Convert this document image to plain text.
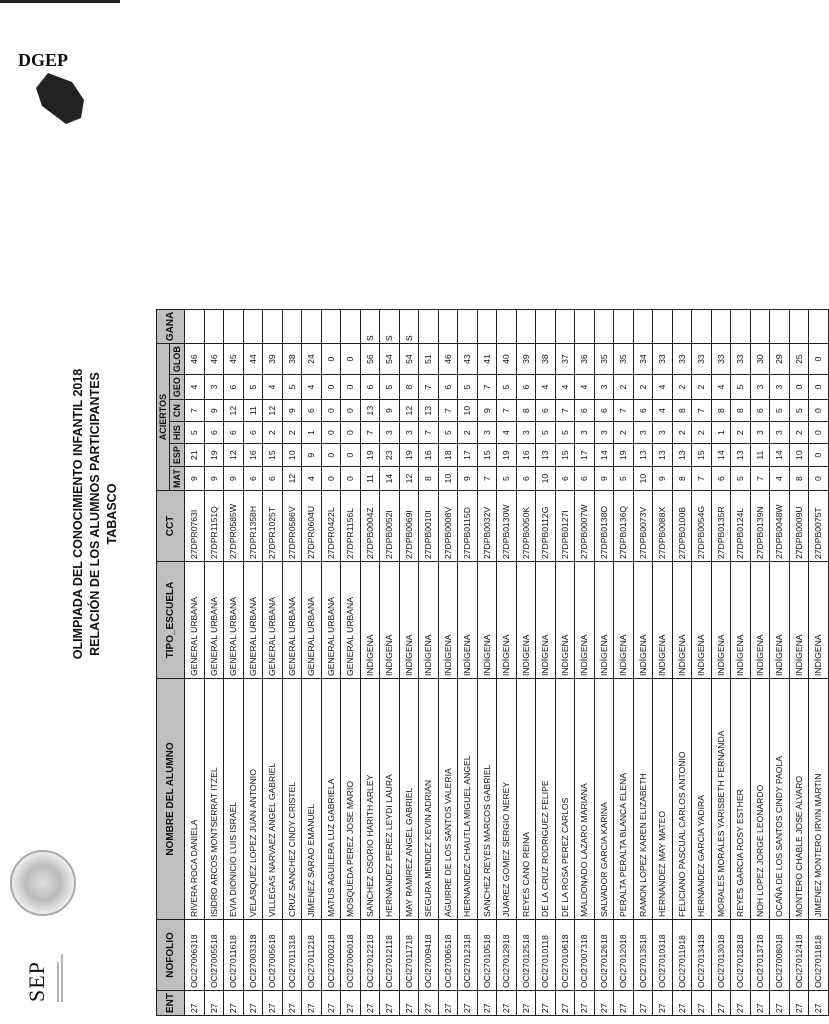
SEP
OLIMPIADA DEL CONOCIMIENTO INFANTIL 2018 RELACIÓN DE LOS ALUMNOS PARTICIPANTES TABASCO
DGEP
ENT	NOFOLIO	NOMBRE DEL ALUMNO	TIPO_ESCUELA	CCT	ACIERTOS						GANA
					MAT	ESP	HIS	CN	GEO	GLOB	
27	OCI27006318	RIVERA ROCA DANIELA	GENERAL URBANA	27DPR0763I	9	21	5	7	4	46	
27	OCI27005518	ISIDRO ARCOS MONTSERRAT ITZEL	GENERAL URBANA	27DPR1151Q	9	19	6	9	3	46	
27	OCI27011618	EVIA DIONICIO LUIS ISRAEL	GENERAL URBANA	27DPR0585W	9	12	6	12	6	45	
27	OCI27003318	VELASQUEZ LOPEZ JUAN ANTONIO	GENERAL URBANA	27DPR1358H	6	16	6	11	5	44	
27	OCI27005618	VILLEGAS NARVAEZ ANGEL GABRIEL	GENERAL URBANA	27DPR1025T	6	15	2	12	4	39	
27	OCI27011318	CRUZ SANCHEZ CINDY CRISTEL	GENERAL URBANA	27DPR0586V	12	10	2	9	5	38	
27	OCI27011218	JIMENEZ SARAO EMANUEL	GENERAL URBANA	27DPR0604U	4	9	1	6	4	24	
27	OCI27000218	MATUS AGUILERA LUZ GABRIELA	GENERAL URBANA	27DPR0422L	0	0	0	0	0	0	
27	OCI27006018	MOSQUEDA PEREZ JOSE MARIO	GENERAL URBANA	27DPR1156L	0	0	0	0	0	0	
27	OCI27012218	SANCHEZ OSORIO HARITH ARLEY	INDÍGENA	27DPB0004Z	11	19	7	13	6	56	S
27	OCI27012118	HERNANDEZ PEREZ LEYDI LAURA	INDÍGENA	27DPB0052I	14	23	3	9	5	54	S
27	OCI27011718	MAY RAMIREZ ANGEL GABRIEL	INDÍGENA	27DPB0069I	12	19	3	12	8	54	S
27	OCI27009418	SEGURA MENDEZ KEVIN ADRIAN	INDÍGENA	27DPB0010I	8	16	7	13	7	51	
27	OCI27006518	AGUIRRE DE LOS SANTOS VALERIA	INDÍGENA	27DPB0008V	10	18	5	7	6	46	
27	OCI27012318	HERNANDEZ CHAUTLA MIGUEL ANGEL	INDÍGENA	27DPB0115D	9	17	2	10	5	43	
27	OCI27010518	SANCHEZ REYES MARCOS GABRIEL	INDÍGENA	27DPB0032V	7	15	3	9	7	41	
27	OCI27012918	JUAREZ GOMEZ SERGIO NEREY	INDÍGENA	27DPB0130W	5	19	4	7	5	40	
27	OCI27012518	REYES CANO REINA	INDÍGENA	27DPB0050K	6	16	3	8	6	39	
27	OCI27010118	DE LA CRUZ RODRIGUEZ FELIPE	INDÍGENA	27DPB0112G	10	13	5	6	4	38	
27	OCI27010618	DE LA ROSA PEREZ CARLOS	INDÍGENA	27DPB0127I	6	15	5	7	4	37	
27	OCI27007318	MALDONADO LAZARO MARIANA	INDÍGENA	27DPB0007W	6	17	3	6	4	36	
27	OCI27012618	SALVADOR GARCIA KARINA	INDÍGENA	27DPB0138O	9	14	3	6	3	35	
27	OCI27012018	PERALTA PERALTA BLANCA ELENA	INDÍGENA	27DPB0136Q	5	19	2	7	2	35	
27	OCI27013518	RAMON LOPEZ KAREN ELIZABETH	INDÍGENA	27DPB0073V	10	13	3	6	2	34	
27	OCI27010318	HERNANDEZ MAY MATEO	INDÍGENA	27DPB0088X	9	13	3	4	4	33	
27	OCI27011918	FELICIANO PASCUAL CARLOS ANTONIO	INDÍGENA	27DPB0100B	8	13	2	8	2	33	
27	OCI27013418	HERNANDEZ GARCIA YADIRA	INDÍGENA	27DPB0054G	7	15	2	7	2	33	
27	OCI27013018	MORALES MORALES YARISBETH FERNANDA	INDÍGENA	27DPB0135R	6	14	1	8	4	33	
27	OCI27012818	REYES GARCIA ROSY ESTHER	INDÍGENA	27DPB0124L	5	13	2	8	5	33	
27	OCI27013718	NOH LOPEZ JORGE LEONARDO	INDÍGENA	27DPB0139N	7	11	3	6	3	30	
27	OCI27008018	OCAÑA DE LOS SANTOS CINDY PAOLA	INDÍGENA	27DPB0048W	4	14	3	5	3	29	
27	OCI27012418	MONTERO CHABLE JOSE ALVARO	INDÍGENA	27DPB0009U	8	10	2	5	0	25	
27	OCI27011818	JIMENEZ MONTERO IRVIN MARTIN	INDÍGENA	27DPB0075T	0	0	0	0	0	0	
